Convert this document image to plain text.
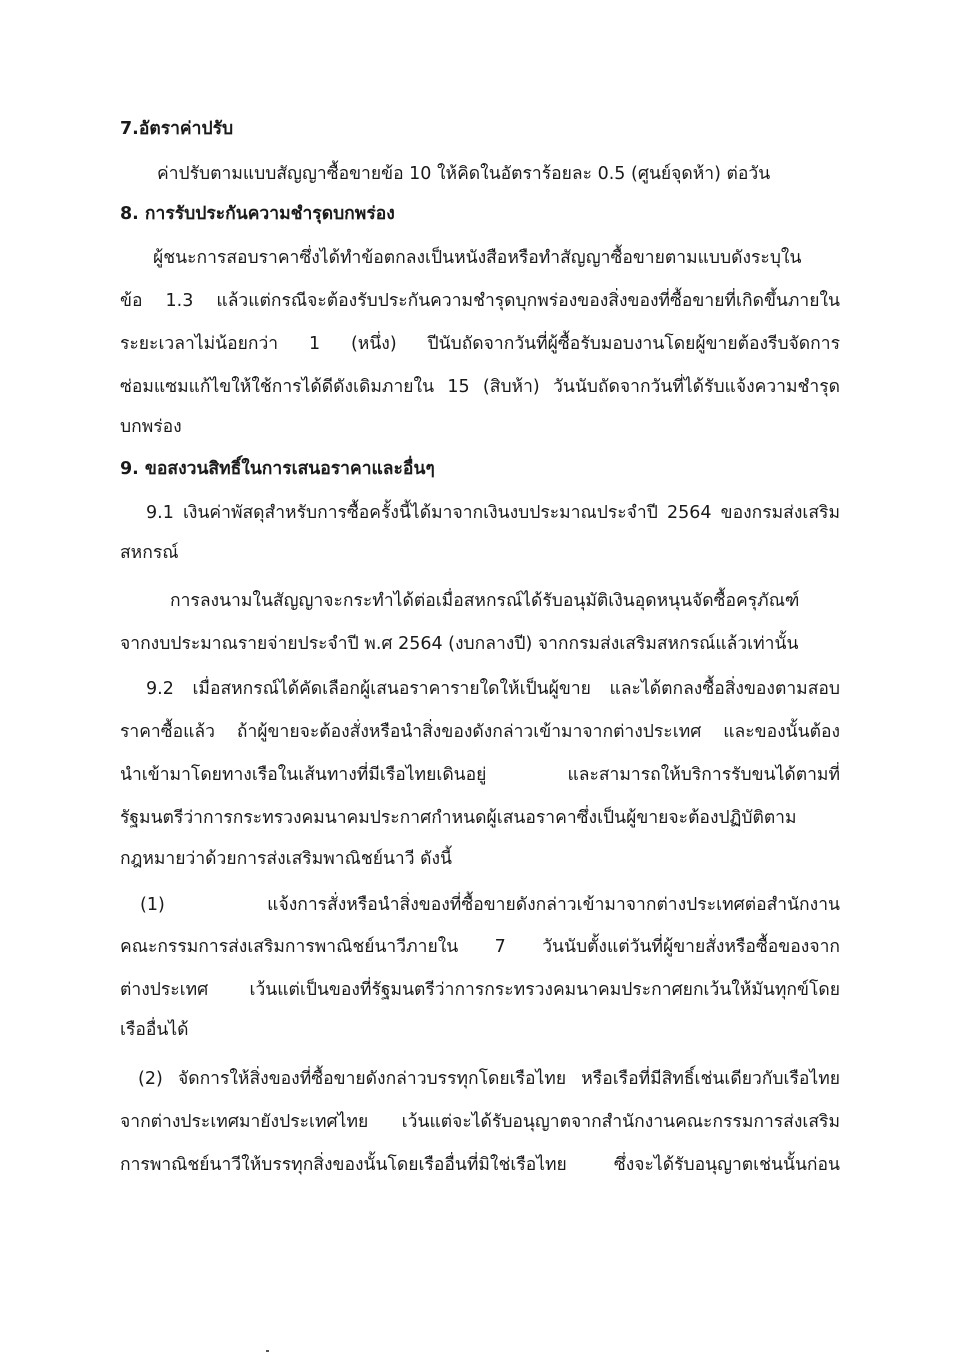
7.อัตราค่าปรับ
ค่าปรับตามแบบสัญญาซื้อขายข้อ 10 ให้คิดในอัตราร้อยละ 0.5 (ศูนย์จุดห้า) ต่อวัน
8. การรับประกันความชำรุดบกพร่อง
ผู้ชนะการสอบราคาซึ่งได้ทำข้อตกลงเป็นหนังสือหรือทำสัญญาซื้อขายตามแบบดังระบุใน
ข้อ 1.3 แล้วแต่กรณีจะต้องรับประกันความชำรุดบุกพร่องของสิ่งของที่ซื้อขายที่เกิดขึ้นภายใน
ระยะเวลาไม่น้อยกว่า 1 (หนึ่ง) ปีนับถัดจากวันที่ผู้ซื้อรับมอบงานโดยผู้ขายต้องรีบจัดการ
ซ่อมแซมแก้ไขให้ใช้การได้ดีดังเดิมภายใน 15 (สิบห้า) วันนับถัดจากวันที่ได้รับแจ้งความชำรุด
บกพร่อง
9. ขอสงวนสิทธิ์ในการเสนอราคาและอื่นๆ
9.1 เงินค่าพัสดุสำหรับการซื้อครั้งนี้ได้มาจากเงินงบประมาณประจำปี 2564 ของกรมส่งเสริม
สหกรณ์
การลงนามในสัญญาจะกระทำได้ต่อเมื่อสหกรณ์ได้รับอนุมัติเงินอุดหนุนจัดซื้อครุภัณฑ์
จากงบประมาณรายจ่ายประจำปี พ.ศ 2564 (งบกลางปี) จากกรมส่งเสริมสหกรณ์แล้วเท่านั้น
9.2 เมื่อสหกรณ์ได้คัดเลือกผู้เสนอราคารายใดให้เป็นผู้ขาย และได้ตกลงซื้อสิ่งของตามสอบ
ราคาซื้อแล้ว ถ้าผู้ขายจะต้องสั่งหรือนำสิ่งของดังกล่าวเข้ามาจากต่างประเทศ และของนั้นต้อง
นำเข้ามาโดยทางเรือในเส้นทางที่มีเรือไทยเดินอยู่ และสามารถให้บริการรับขนได้ตามที่
รัฐมนตรีว่าการกระทรวงคมนาคมประกาศกำหนดผู้เสนอราคาซึ่งเป็นผู้ขายจะต้องปฏิบัติตาม
กฎหมายว่าด้วยการส่งเสริมพาณิชย์นาวี ดังนี้
(1) แจ้งการสั่งหรือนำสิ่งของที่ซื้อขายดังกล่าวเข้ามาจากต่างประเทศต่อสำนักงาน
คณะกรรมการส่งเสริมการพาณิชย์นาวีภายใน 7 วันนับตั้งแต่วันที่ผู้ขายสั่งหรือซื้อของจาก
ต่างประเทศ เว้นแต่เป็นของที่รัฐมนตรีว่าการกระทรวงคมนาคมประกาศยกเว้นให้มันทุกข์โดย
เรืออื่นได้
(2) จัดการให้สิ่งของที่ซื้อขายดังกล่าวบรรทุกโดยเรือไทย หรือเรือที่มีสิทธิ์เช่นเดียวกับเรือไทย
จากต่างประเทศมายังประเทศไทย เว้นแต่จะได้รับอนุญาตจากสำนักงานคณะกรรมการส่งเสริม
การพาณิชย์นาวีให้บรรทุกสิ่งของนั้นโดยเรืออื่นที่มิใช่เรือไทย ซึ่งจะได้รับอนุญาตเช่นนั้นก่อน
